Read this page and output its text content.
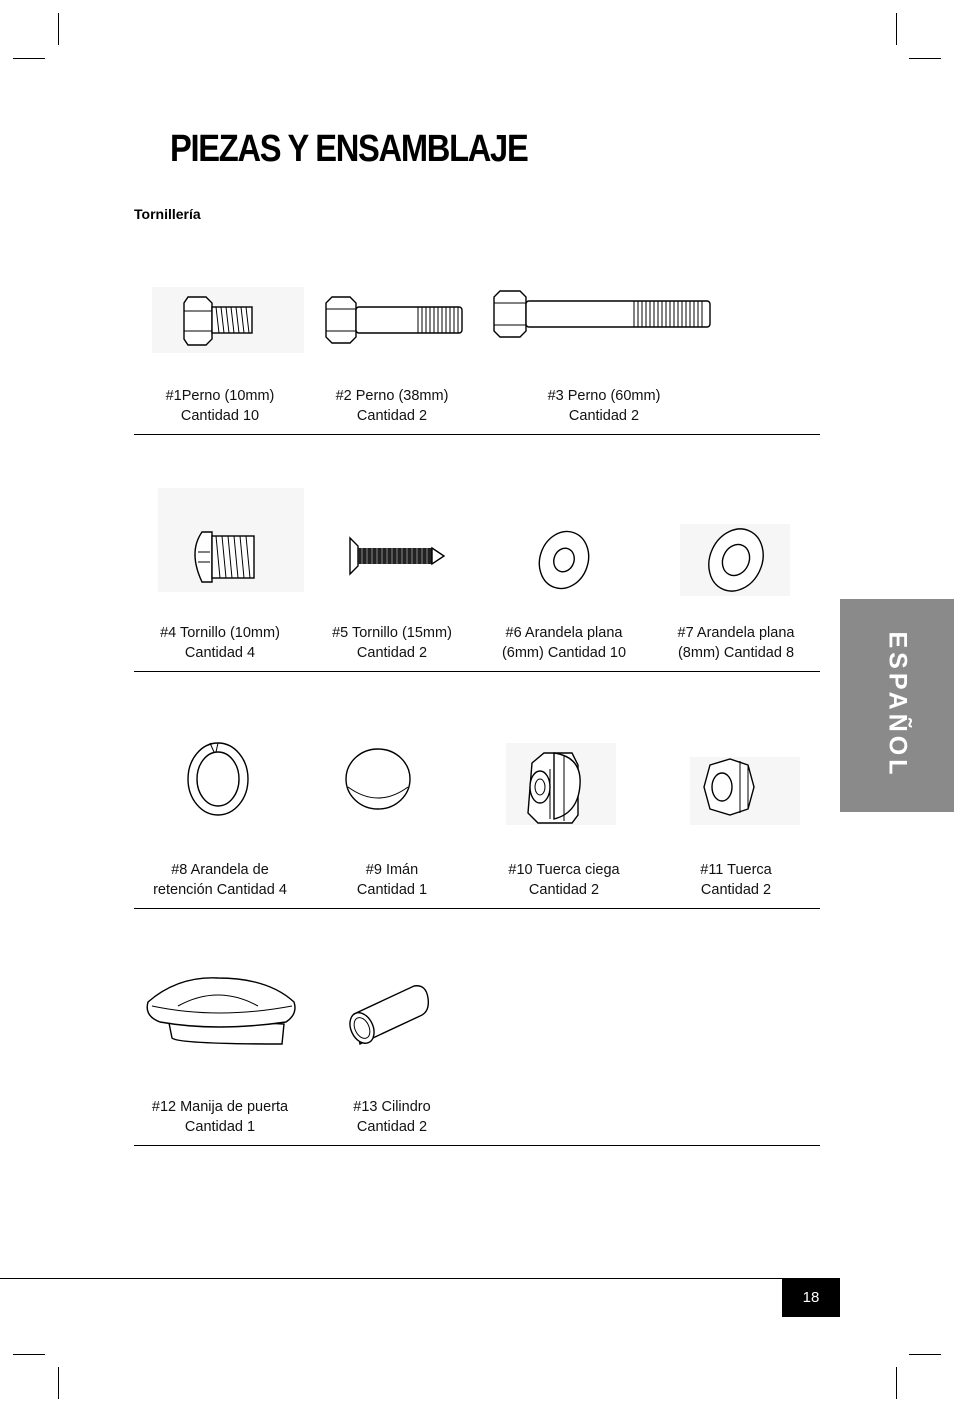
PIEZAS Y ENSAMBLAJE
Tornillería
#1Perno (10mm)
Cantidad 10
#2 Perno (38mm)
Cantidad 2
#3 Perno (60mm)
Cantidad 2
#4 Tornillo (10mm)
Cantidad 4
#5 Tornillo (15mm)
Cantidad 2
#6 Arandela plana
(6mm) Cantidad 10
#7 Arandela plana
(8mm) Cantidad 8
#8 Arandela de
retención Cantidad 4
#9 Imán
Cantidad 1
#10 Tuerca ciega
Cantidad 2
#11 Tuerca
Cantidad 2
#12 Manija de puerta
Cantidad 1
#13 Cilindro
Cantidad 2
ESPAÑOL
18
